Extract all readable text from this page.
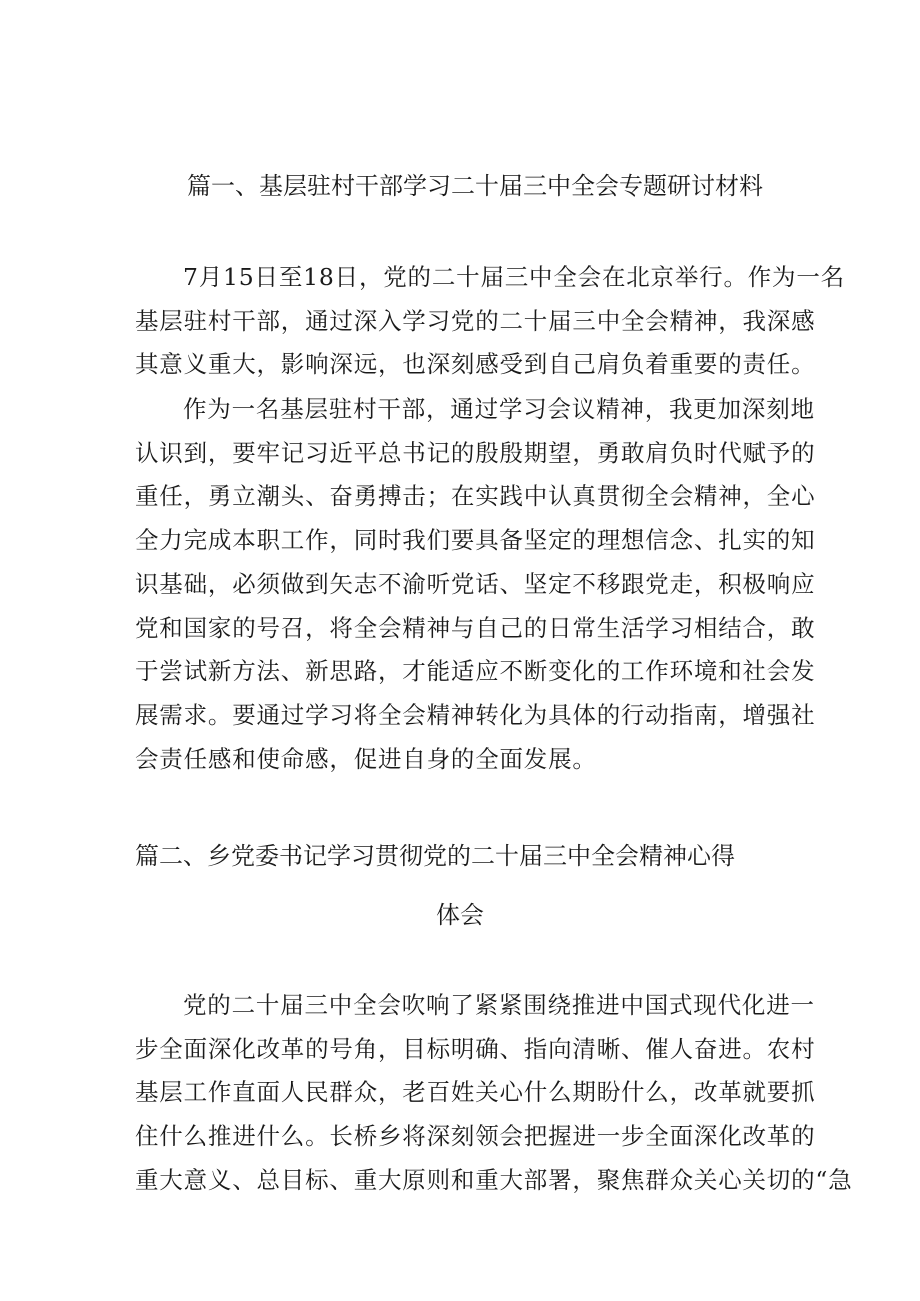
篇一、基层驻村干部学习二十届三中全会专题研讨材料
7月15日至18日，党的二十届三中全会在北京举行。作为一名
基层驻村干部，通过深入学习党的二十届三中全会精神，我深感
其意义重大，影响深远，也深刻感受到自己肩负着重要的责任。
作为一名基层驻村干部，通过学习会议精神，我更加深刻地
认识到，要牢记习近平总书记的殷殷期望，勇敢肩负时代赋予的
重任，勇立潮头、奋勇搏击；在实践中认真贯彻全会精神，全心
全力完成本职工作，同时我们要具备坚定的理想信念、扎实的知
识基础，必须做到矢志不渝听党话、坚定不移跟党走，积极响应
党和国家的号召，将全会精神与自己的日常生活学习相结合，敢
于尝试新方法、新思路，才能适应不断变化的工作环境和社会发
展需求。要通过学习将全会精神转化为具体的行动指南，增强社
会责任感和使命感，促进自身的全面发展。
篇二、乡党委书记学习贯彻党的二十届三中全会精神心得
体会
党的二十届三中全会吹响了紧紧围绕推进中国式现代化进一
步全面深化改革的号角，目标明确、指向清晰、催人奋进。农村
基层工作直面人民群众，老百姓关心什么期盼什么，改革就要抓
住什么推进什么。长桥乡将深刻领会把握进一步全面深化改革的
重大意义、总目标、重大原则和重大部署，聚焦群众关心关切的“急
